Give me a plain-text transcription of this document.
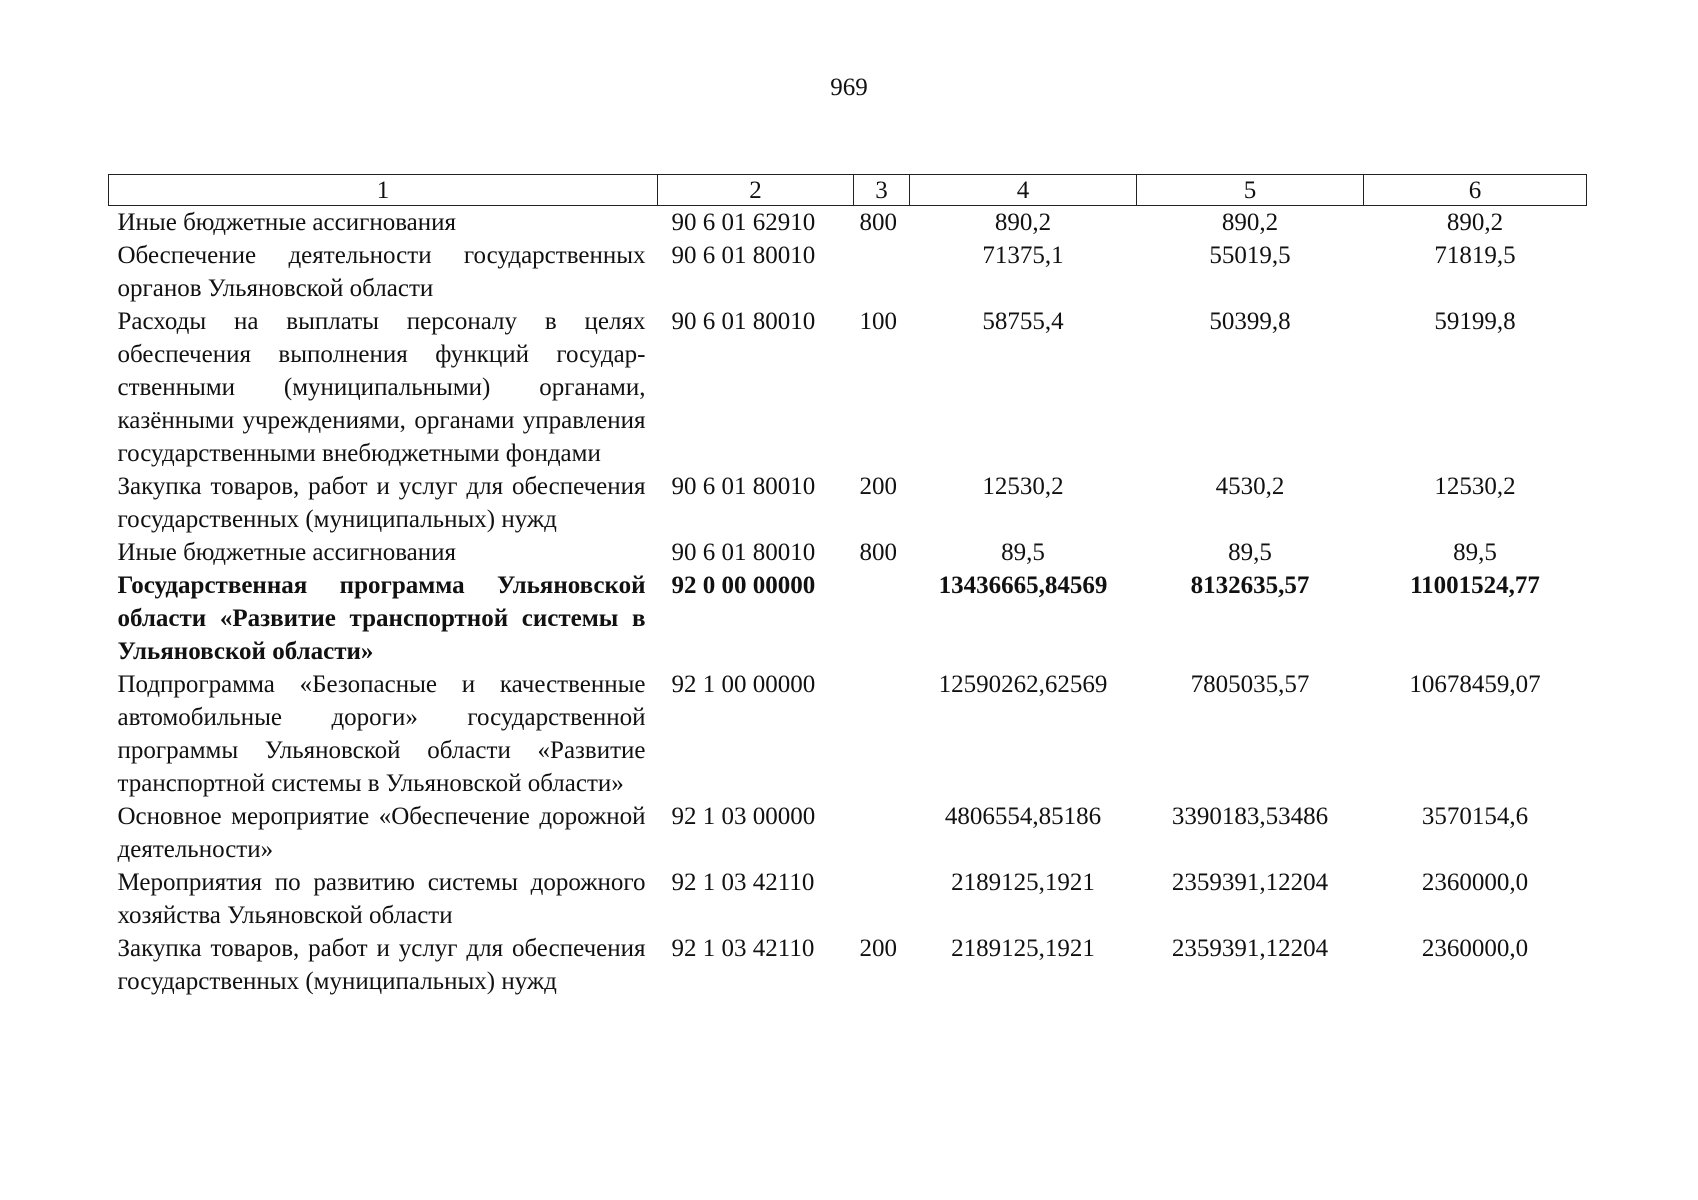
969
1	2	3	4	5	6
Иные бюджетные ассигнования	90 6 01 62910	800	890,2	890,2	890,2
Обеспечение деятельности государственных органов Ульяновской области	90 6 01 80010		71375,1	55019,5	71819,5
Расходы на выплаты персоналу в целях обеспечения выполнения функций государственными (муниципальными) органами, казёнными учреждениями, органами управления государственными внебюджетными фондами	90 6 01 80010	100	58755,4	50399,8	59199,8
Закупка товаров, работ и услуг для обеспечения государственных (муниципальных) нужд	90 6 01 80010	200	12530,2	4530,2	12530,2
Иные бюджетные ассигнования	90 6 01 80010	800	89,5	89,5	89,5
Государственная программа Ульяновской области «Развитие транспортной системы в Ульяновской области»	92 0 00 00000		13436665,84569	8132635,57	11001524,77
Подпрограмма «Безопасные и качественные автомобильные дороги» государственной программы Ульяновской области «Развитие транспортной системы в Ульяновской области»	92 1 00 00000		12590262,62569	7805035,57	10678459,07
Основное мероприятие «Обеспечение дорожной деятельности»	92 1 03 00000		4806554,85186	3390183,53486	3570154,6
Мероприятия по развитию системы дорожного хозяйства Ульяновской области	92 1 03 42110		2189125,1921	2359391,12204	2360000,0
Закупка товаров, работ и услуг для обеспечения государственных (муниципальных) нужд	92 1 03 42110	200	2189125,1921	2359391,12204	2360000,0
